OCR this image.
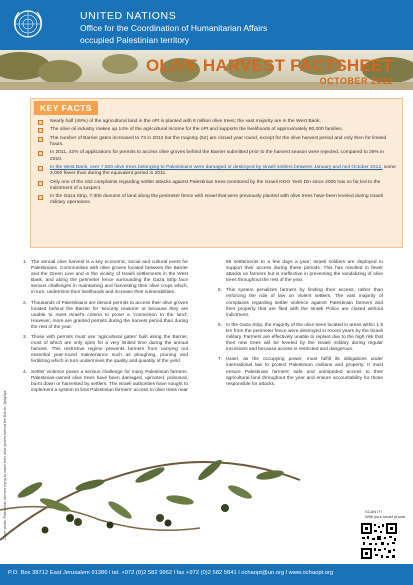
UNITED NATIONS
Office for the Coordination of Humanitarian Affairs
occupied Palestinian territory
OLIVE HARVEST FACTSHEET
OCTOBER 2012
KEY FACTS
Nearly half (48%) of the agricultural land in the oPt is planted with 8 million olive trees; the vast majority are in the West Bank.
The olive oil industry makes up 14% of the agricultural income for the oPt and supports the livelihoods of approximately 80,000 families.
The number of Barrier gates increased to 73 in 2012 but the majority (52) are closed year round, except for the olive harvest period and only then for limited hours.
In 2011, 42% of applications for permits to access olive groves behind the Barrier submitted prior to the harvest season were rejected, compared to 39% in 2010.
In the West Bank, over 7,500 olive trees belonging to Palestinians were damaged or destroyed by Israeli settlers between January and mid October 2012, some 2,000 fewer than during the equivalent period in 2011.
Only one of the 162 complaints regarding settler attacks against Palestinian trees monitored by the Israeli NGO Yesh Din since 2005 has so far led to the indictment of a suspect.
In the Gaza Strip, 7,300 dunums of land along the perimeter fence with Israel that were previously planted with olive trees have been leveled during Israeli military operations.
1. The annual olive harvest is a key economic, social and cultural event for Palestinians. Communities with olive groves located between the Barrier and the Green Line and in the vicinity of Israeli settlements in the West Bank, and along the perimeter fence surrounding the Gaza Strip face serious challenges in maintaining and harvesting their olive crops which, in turn, undermine their livelihoods and increase their vulnerabilities.
2. Thousands of Palestinians are denied permits to access their olive groves located behind the Barrier for 'security reasons' or because they are unable to meet Israel's criteria to prove a 'connection to the land'. However, more are granted permits during the harvest period than during the rest of the year.
3. Those with permits must use 'agricultural gates' built along the Barrier, most of which are only open for a very limited time during the annual harvest. This restrictive regime prevents farmers from carrying out essential year-round maintenance such as ploughing, pruning and fertilizing which in turn undermines the quality and quantity of the yield.
4. Settler violence poses a serious challenge for many Palestinian farmers. Palestinian-owned olive trees have been damaged, uprooted, poisoned, burnt down or harvested by settlers. The Israeli authorities have sought to implement a system to limit Palestinian farmers' access to olive trees near
55 settlements to a few days a year; Israeli soldiers are deployed to support their access during these periods. This has resulted in fewer attacks on farmers but is ineffective in preventing the vandalizing of olive trees throughout the rest of the year.
5. This system penalizes farmers by limiting their access, rather than enforcing the rule of law on violent settlers. The vast majority of complaints regarding settler violence against Palestinian farmers and their property that are filed with the Israeli Police are closed without indictment.
6. In the Gaza Strip, the majority of the olive trees located in areas within 1.5 km from the perimeter fence were destroyed in recent years by the Israeli military. Farmers are effectively unable to replant due to the high risk that their new trees will be leveled by the Israeli military during regular incursions and because access is restricted and dangerous.
7. Israel, as the occupying power, must fulfill its obligations under international law to protect Palestinian civilians and property. It must ensure Palestinian farmers' safe and unimpeded access to their agricultural land throughout the year and ensure accountability for those responsible for attacks.
Cover photo: Palestinian farmers trying to reach their olive groves behind the Barrier, Qalqiliya	SCAN IT!
With your smart phone
P.O. Box 38712 East Jerusalem 91386 l tel. +972 (0)2 582 9962 l fax +972 (0)2 582 5841 l ochaopt@un.org l www.ochaopt.org
